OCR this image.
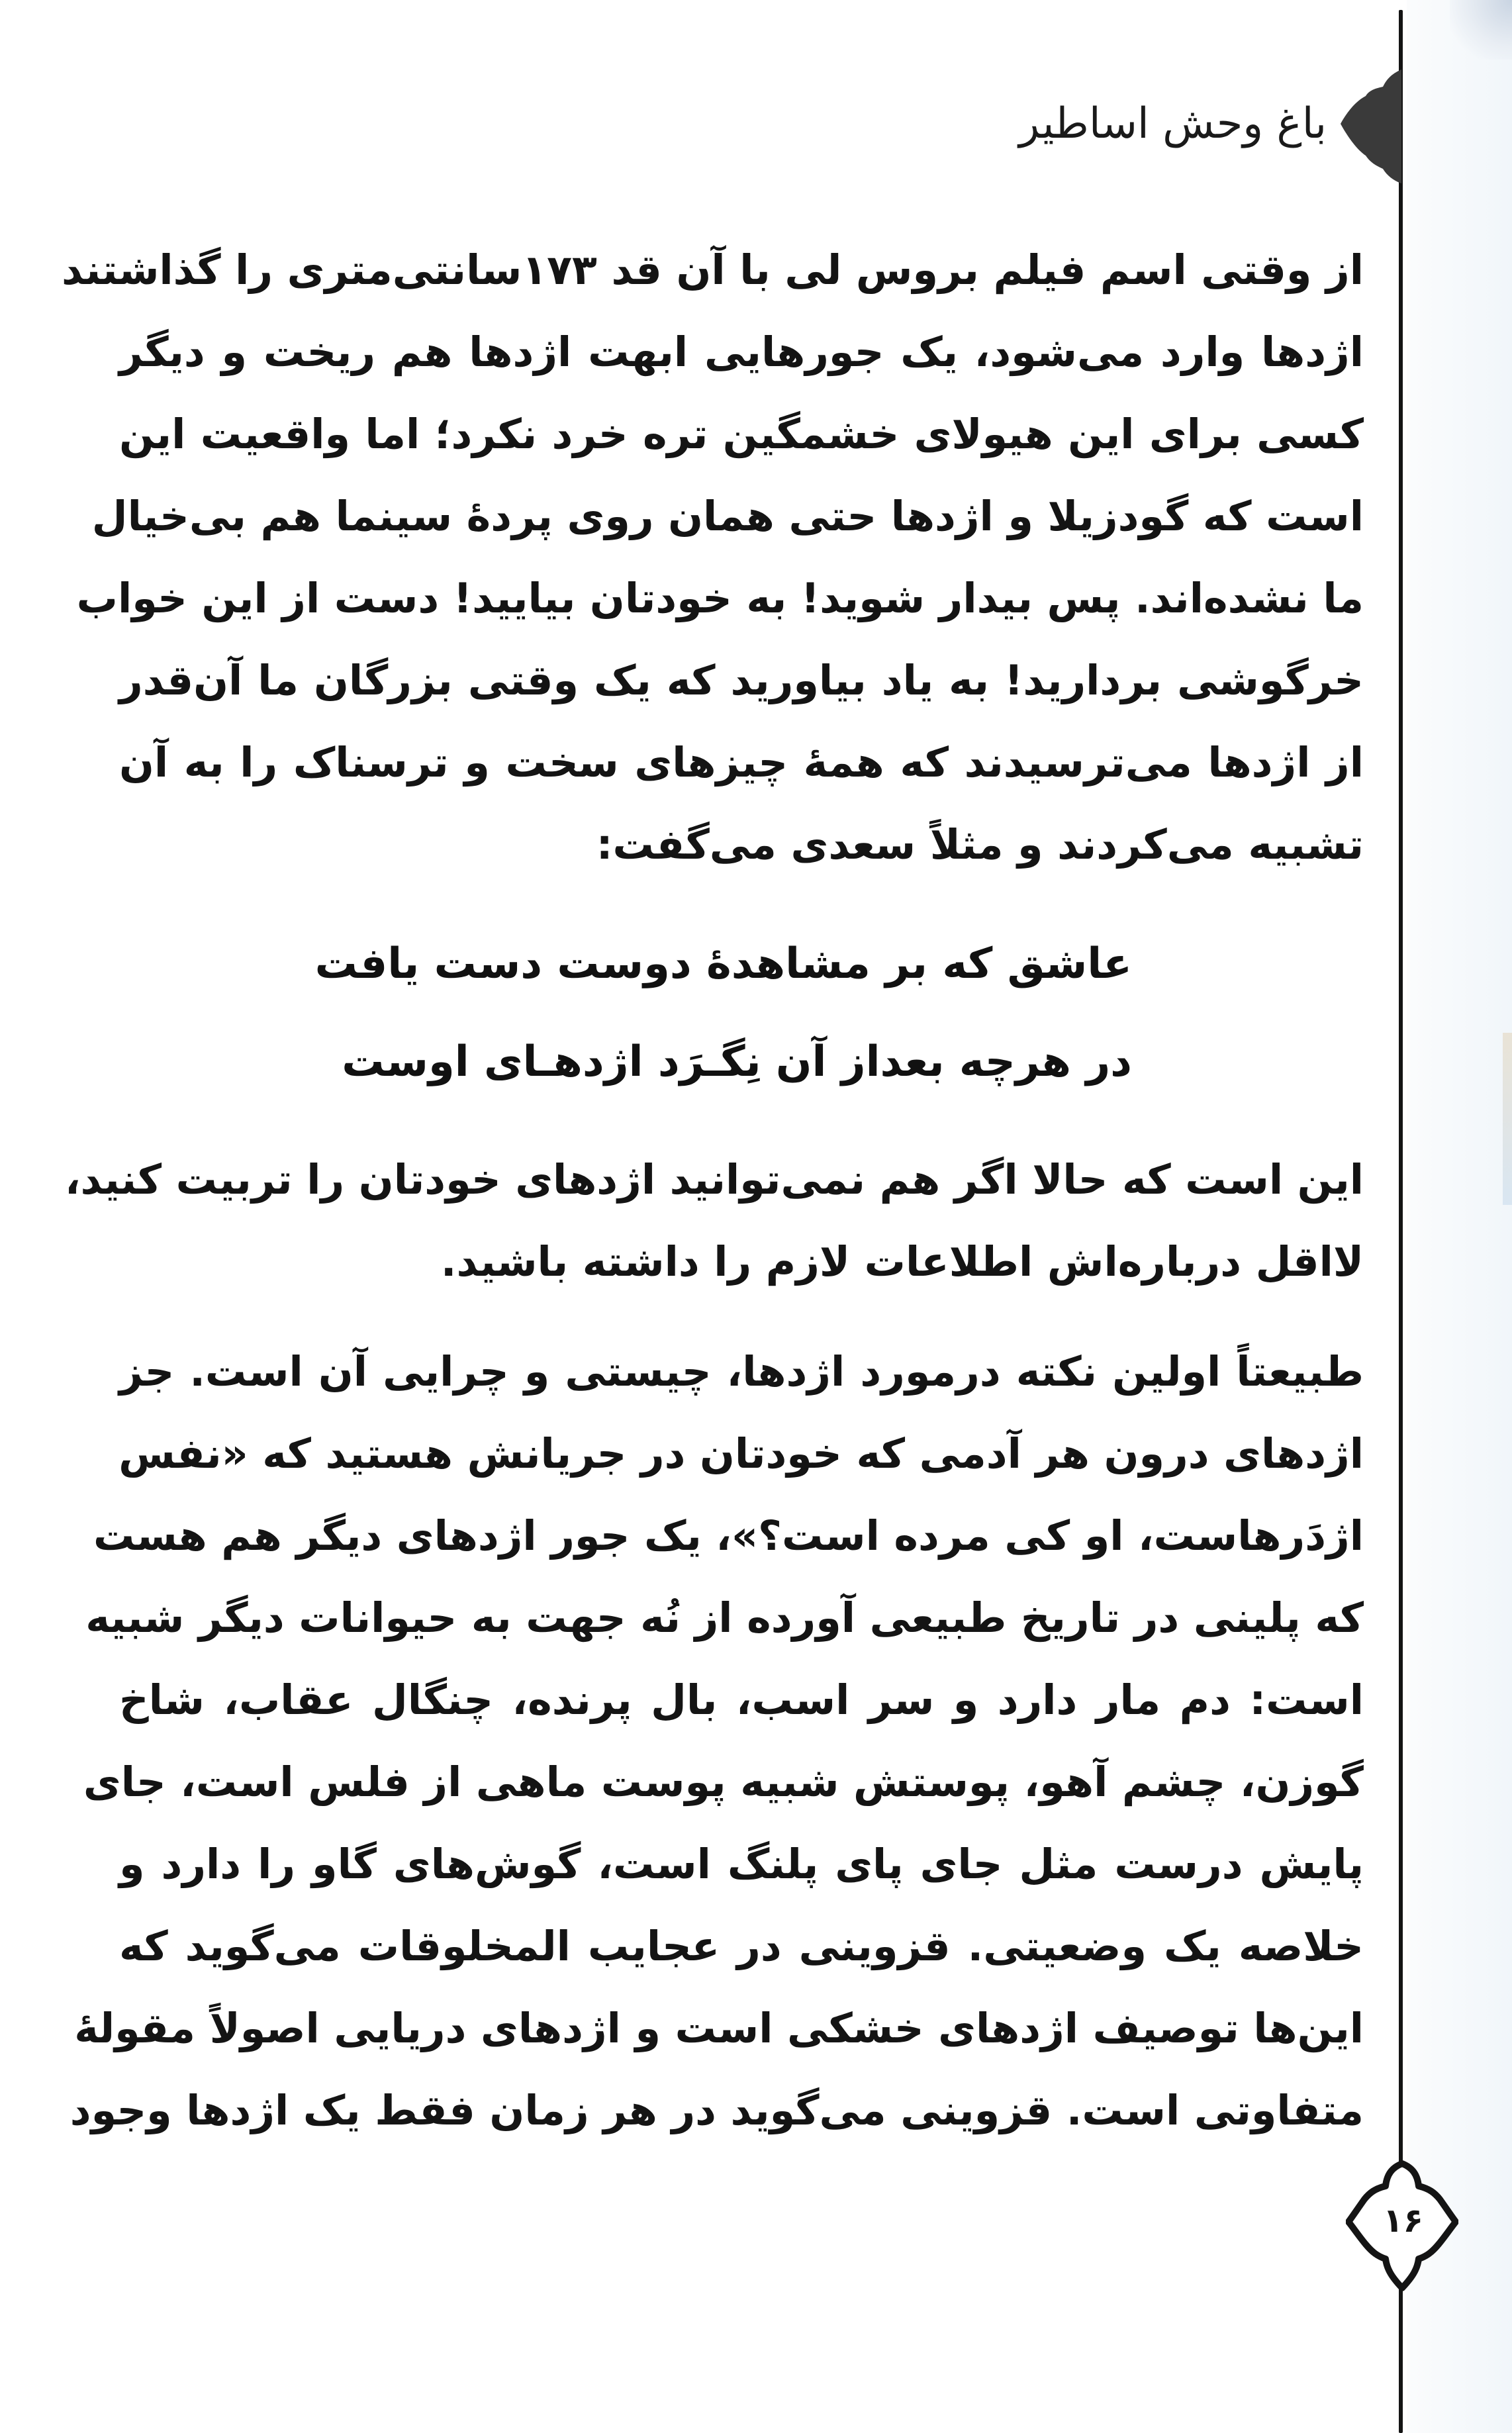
باغ وحش اساطیر
از وقتی اسم فیلم بروس لی با آن قد ۱۷۳سانتی‌متری را گذاشتند
اژدها وارد می‌شود، یک جورهایی ابهت اژدها هم ریخت و دیگر
کسی برای این هیولای خشمگین تره خرد نکرد؛ اما واقعیت این
است که گودزیلا و اژدها حتی همان روی پردهٔ سینما هم بی‌خیال
ما نشده‌اند. پس بیدار شوید! به خودتان بیایید! دست از این خواب
خرگوشی بردارید! به یاد بیاورید که یک وقتی بزرگان ما آن‌قدر
از اژدها می‌ترسیدند که همهٔ چیزهای سخت و ترسناک را به آن
تشبیه می‌کردند و مثلاً سعدی می‌گفت:
عاشق که بر مشاهدهٔ دوست دست یافت
در هرچه بعداز آن نِگـرَد اژدهـای اوست
این است که حالا اگر هم نمی‌توانید اژدهای خودتان را تربیت کنید،
لااقل درباره‌اش اطلاعات لازم را داشته باشید.
طبیعتاً اولین نکته درمورد اژدها، چیستی و چرایی آن است. جز
اژدهای درون هر آدمی که خودتان در جریانش هستید که «نفس
اژدَرهاست، او کی مرده است؟»، یک جور اژدهای دیگر هم هست
که پلینی در تاریخ طبیعی آورده از نُه جهت به حیوانات دیگر شبیه
است: دم مار دارد و سر اسب، بال پرنده، چنگال عقاب، شاخ
گوزن، چشم آهو، پوستش شبیه پوست ماهی از فلس است، جای
پایش درست مثل جای پای پلنگ است، گوش‌های گاو را دارد و
خلاصه یک وضعیتی. قزوینی در عجایب المخلوقات می‌گوید که
این‌ها توصیف اژدهای خشکی است و اژدهای دریایی اصولاً مقولهٔ
متفاوتی است. قزوینی می‌گوید در هر زمان فقط یک اژدها وجود
۱۶
